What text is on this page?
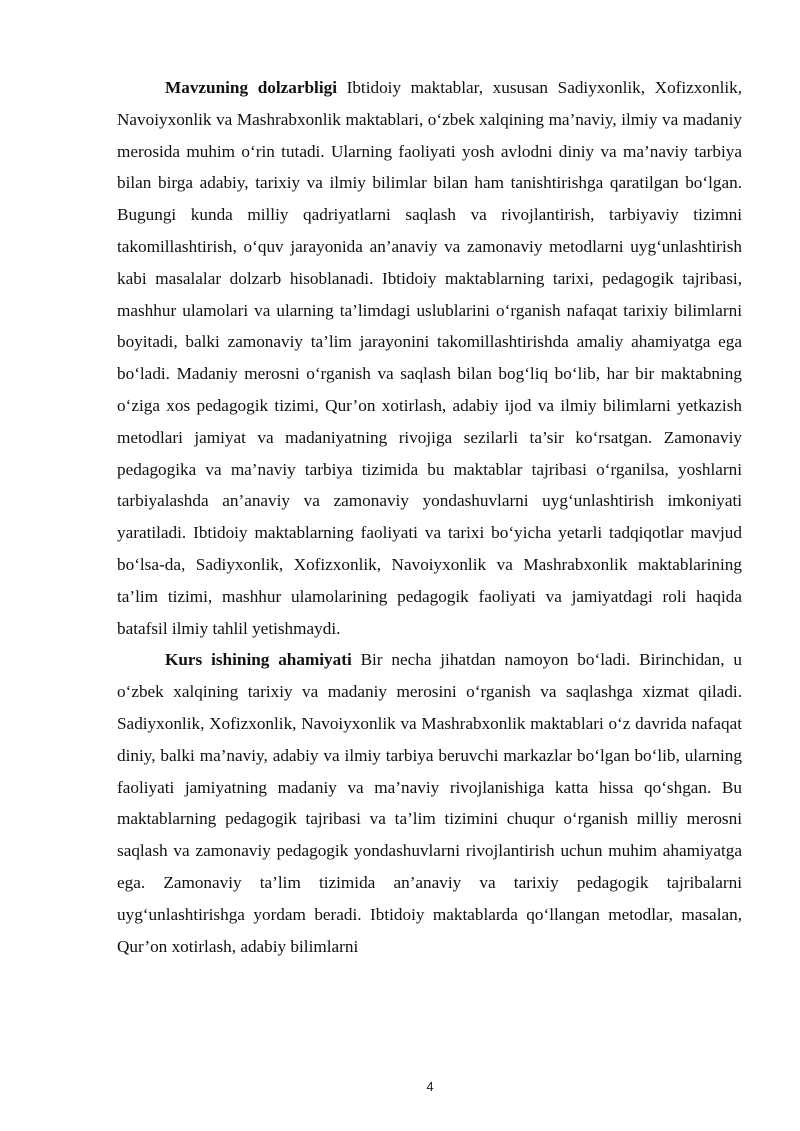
Mavzuning dolzarbligi Ibtidoiy maktablar, xususan Sadiyxonlik, Xofizxonlik, Navoiyxonlik va Mashrabxonlik maktablari, o‘zbek xalqining ma’naviy, ilmiy va madaniy merosida muhim o‘rin tutadi. Ularning faoliyati yosh avlodni diniy va ma’naviy tarbiya bilan birga adabiy, tarixiy va ilmiy bilimlar bilan ham tanishtirishga qaratilgan bo‘lgan. Bugungi kunda milliy qadriyatlarni saqlash va rivojlantirish, tarbiyaviy tizimni takomillashtirish, o‘quv jarayonida an’anaviy va zamonaviy metodlarni uyg‘unlashtirish kabi masalalar dolzarb hisoblanadi. Ibtidoiy maktablarning tarixi, pedagogik tajribasi, mashhur ulamolari va ularning ta’limdagi uslublarini o‘rganish nafaqat tarixiy bilimlarni boyitadi, balki zamonaviy ta’lim jarayonini takomillashtirishda amaliy ahamiyatga ega bo‘ladi. Madaniy merosni o‘rganish va saqlash bilan bog‘liq bo‘lib, har bir maktabning o‘ziga xos pedagogik tizimi, Qur’on xotirlash, adabiy ijod va ilmiy bilimlarni yetkazish metodlari jamiyat va madaniyatning rivojiga sezilarli ta’sir ko‘rsatgan. Zamonaviy pedagogika va ma’naviy tarbiya tizimida bu maktablar tajribasi o‘rganilsa, yoshlarni tarbiyalashda an’anaviy va zamonaviy yondashuvlarni uyg‘unlashtirish imkoniyati yaratiladi. Ibtidoiy maktablarning faoliyati va tarixi bo‘yicha yetarli tadqiqotlar mavjud bo‘lsa-da, Sadiyxonlik, Xofizxonlik, Navoiyxonlik va Mashrabxonlik maktablarining ta’lim tizimi, mashhur ulamolarining pedagogik faoliyati va jamiyatdagi roli haqida batafsil ilmiy tahlil yetishmaydi.

Kurs ishining ahamiyati Bir necha jihatdan namoyon bo‘ladi. Birinchidan, u o‘zbek xalqining tarixiy va madaniy merosini o‘rganish va saqlashga xizmat qiladi. Sadiyxonlik, Xofizxonlik, Navoiyxonlik va Mashrabxonlik maktablari o‘z davrida nafaqat diniy, balki ma’naviy, adabiy va ilmiy tarbiya beruvchi markazlar bo‘lgan bo‘lib, ularning faoliyati jamiyatning madaniy va ma’naviy rivojlanishiga katta hissa qo‘shgan. Bu maktablarning pedagogik tajribasi va ta’lim tizimini chuqur o‘rganish milliy merosni saqlash va zamonaviy pedagogik yondashuvlarni rivojlantirish uchun muhim ahamiyatga ega. Zamonaviy ta’lim tizimida an’anaviy va tarixiy pedagogik tajribalarni uyg‘unlashtirishga yordam beradi. Ibtidoiy maktablarda qo‘llangan metodlar, masalan, Qur’on xotirlash, adabiy bilimlarni

4
